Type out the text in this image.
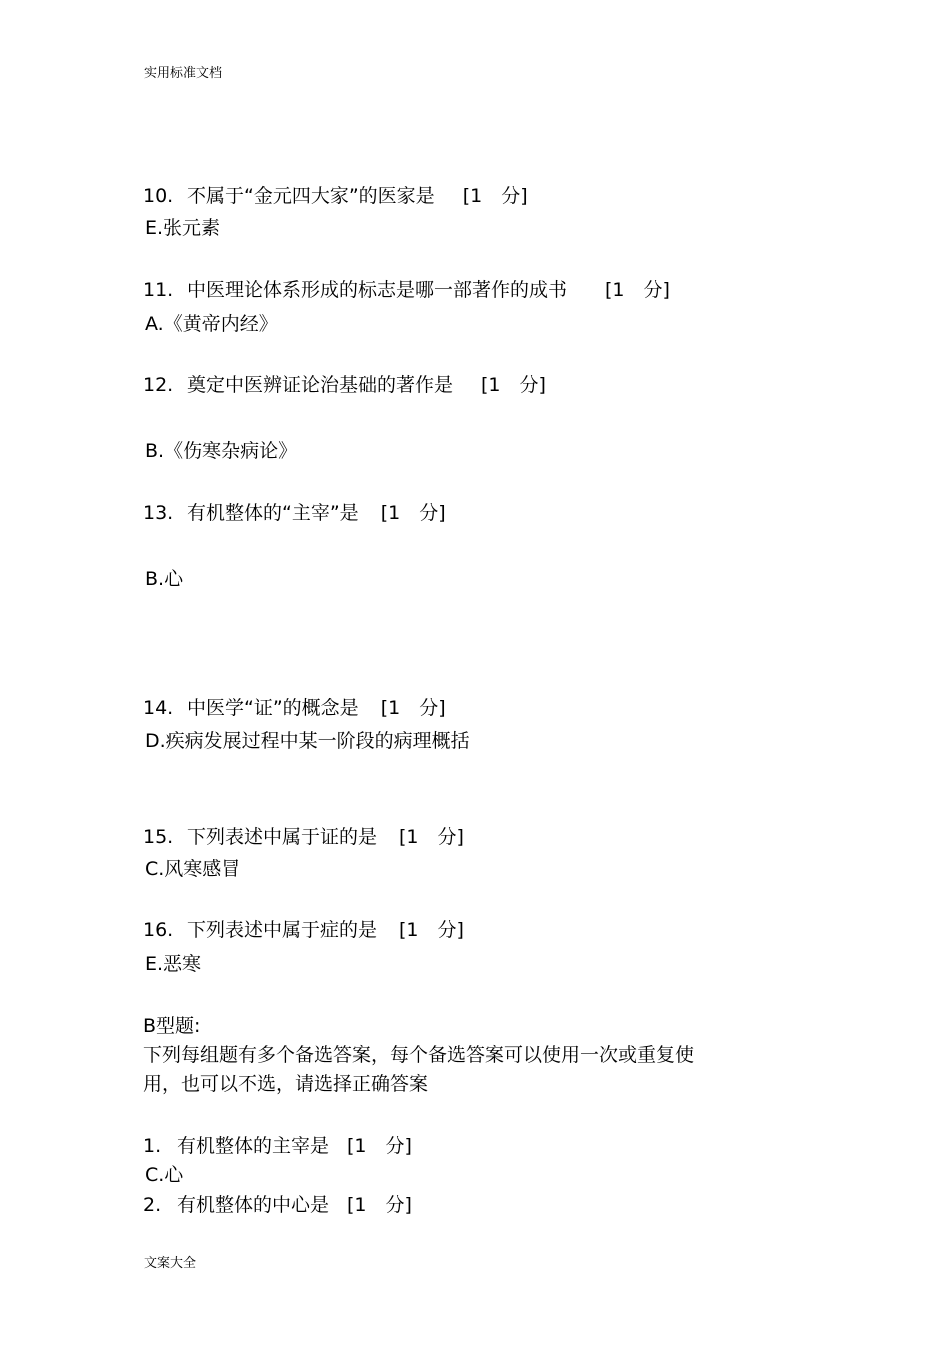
实用标准文档
10. 不属于“金元四大家”的医家是 [1　分]
E.张元素
11. 中医理论体系形成的标志是哪一部著作的成书 [1　分]
A.《黄帝内经》
12. 奠定中医辨证论治基础的著作是 [1　分]
B.《伤寒杂病论》
13. 有机整体的“主宰”是 [1　分]
B.心
14. 中医学“证”的概念是 [1　分]
D.疾病发展过程中某一阶段的病理概括
15. 下列表述中属于证的是 [1　分]
C.风寒感冒
16. 下列表述中属于症的是 [1　分]
E.恶寒
B型题:
下列每组题有多个备选答案，每个备选答案可以使用一次或重复使
用，也可以不选，请选择正确答案
1. 有机整体的主宰是 [1　分]
C.心
2. 有机整体的中心是 [1　分]
文案大全
